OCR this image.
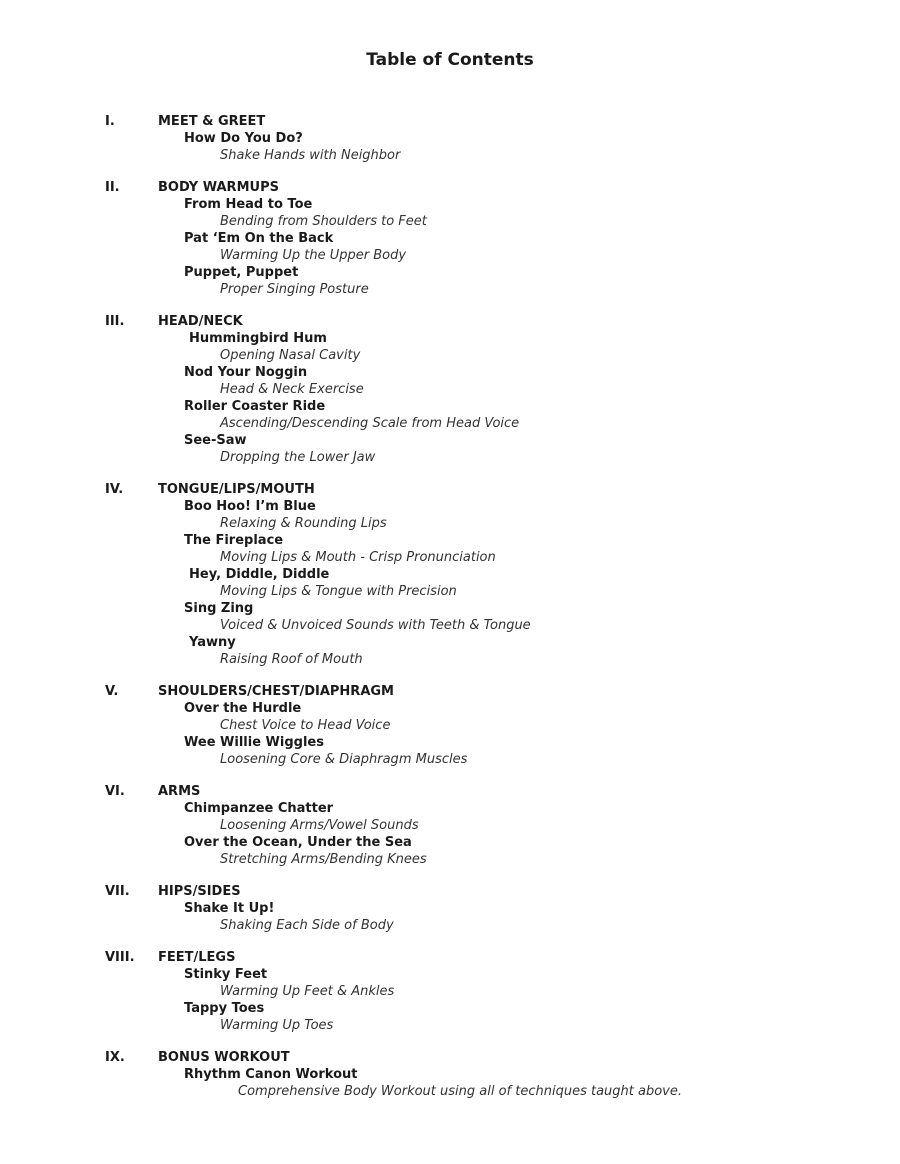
Table of Contents
I.	MEET & GREET
How Do You Do?
Shake Hands with Neighbor
II.	BODY WARMUPS
From Head to Toe
Bending from Shoulders to Feet
Pat ‘Em On the Back
Warming Up the Upper Body
Puppet, Puppet
Proper Singing Posture
III.	HEAD/NECK
Hummingbird Hum
Opening Nasal Cavity
Nod Your Noggin
Head & Neck Exercise
Roller Coaster Ride
Ascending/Descending Scale from Head Voice
See-Saw
Dropping the Lower Jaw
IV.	TONGUE/LIPS/MOUTH
Boo Hoo! I’m Blue
Relaxing & Rounding Lips
The Fireplace
Moving Lips & Mouth - Crisp Pronunciation
Hey, Diddle, Diddle
Moving Lips & Tongue with Precision
Sing Zing
Voiced & Unvoiced Sounds with Teeth & Tongue
Yawny
Raising Roof of Mouth
V.	SHOULDERS/CHEST/DIAPHRAGM
Over the Hurdle
Chest Voice to Head Voice
Wee Willie Wiggles
Loosening Core & Diaphragm Muscles
VI.	ARMS
Chimpanzee Chatter
Loosening Arms/Vowel Sounds
Over the Ocean, Under the Sea
Stretching Arms/Bending Knees
VII. HIPS/SIDES
Shake It Up!
Shaking Each Side of Body
VIII. FEET/LEGS
Stinky Feet
Warming Up Feet & Ankles
Tappy Toes
Warming Up Toes
IX.	BONUS WORKOUT
Rhythm Canon Workout
Comprehensive Body Workout using all of techniques taught above.
